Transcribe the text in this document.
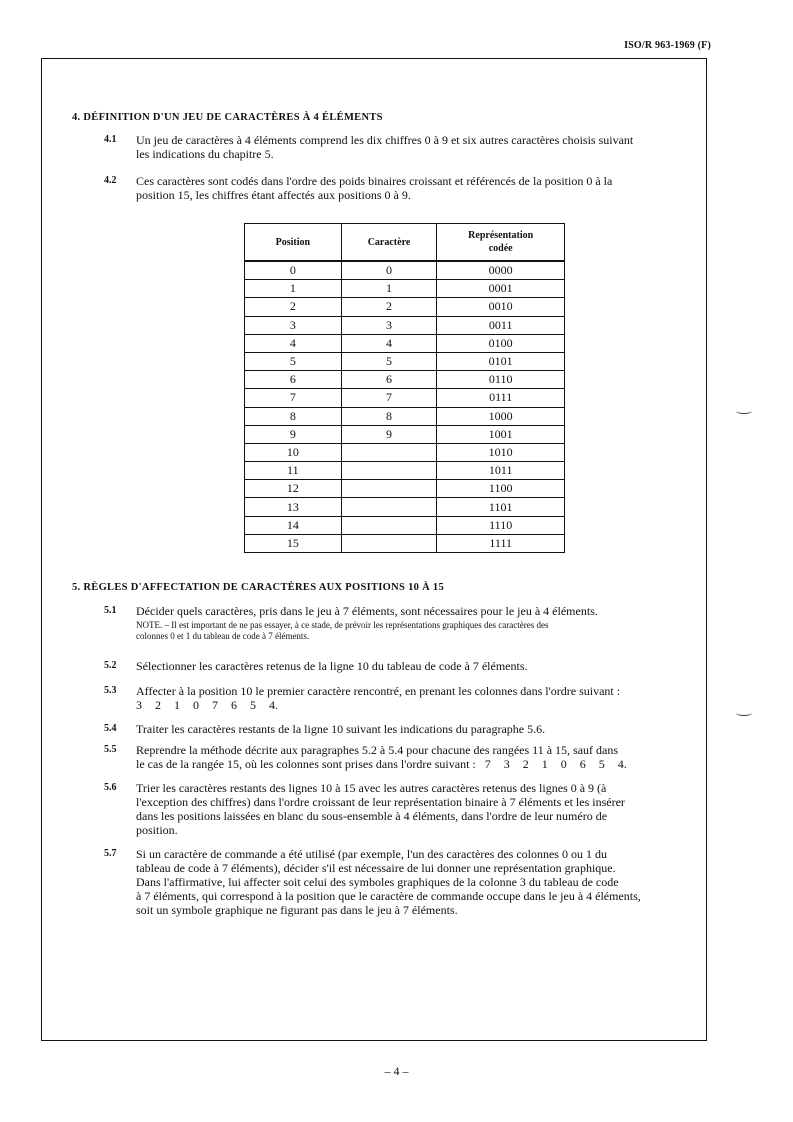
ISO/R 963-1969 (F)
4. DÉFINITION D'UN JEU DE CARACTÈRES À 4 ÉLÉMENTS
4.1 Un jeu de caractères à 4 éléments comprend les dix chiffres 0 à 9 et six autres caractères choisis suivant
les indications du chapitre 5.
4.2 Ces caractères sont codés dans l'ordre des poids binaires croissant et référencés de la position 0 à la
position 15, les chiffres étant affectés aux positions 0 à 9.
Position	Caractère	Représentation
codée
0	0	0000
1	1	0001
2	2	0010
3	3	0011
4	4	0100
5	5	0101
6	6	0110
7	7	0111
8	8	1000
9	9	1001
10		1010
11		1011
12		1100
13		1101
14		1110
15		1111
5. RÈGLES D'AFFECTATION DE CARACTÈRES AUX POSITIONS 10 À 15
5.1 Décider quels caractères, pris dans le jeu à 7 éléments, sont nécessaires pour le jeu à 4 éléments.
NOTE. – Il est important de ne pas essayer, à ce stade, de prévoir les représentations graphiques des caractères des
colonnes 0 et 1 du tableau de code à 7 éléments.
5.2 Sélectionner les caractères retenus de la ligne 10 du tableau de code à 7 éléments.
5.3 Affecter à la position 10 le premier caractère rencontré, en prenant les colonnes dans l'ordre suivant :
3 2 1 0 7 6 5 4.
5.4 Traiter les caractères restants de la ligne 10 suivant les indications du paragraphe 5.6.
5.5 Reprendre la méthode décrite aux paragraphes 5.2 à 5.4 pour chacune des rangées 11 à 15, sauf dans
le cas de la rangée 15, où les colonnes sont prises dans l'ordre suivant : 7 3 2 1 0 6 5 4.
5.6 Trier les caractères restants des lignes 10 à 15 avec les autres caractères retenus des lignes 0 à 9 (à
l'exception des chiffres) dans l'ordre croissant de leur représentation binaire à 7 éléments et les insérer
dans les positions laissées en blanc du sous-ensemble à 4 éléments, dans l'ordre de leur numéro de
position.
5.7 Si un caractère de commande a été utilisé (par exemple, l'un des caractères des colonnes 0 ou 1 du
tableau de code à 7 éléments), décider s'il est nécessaire de lui donner une représentation graphique.
Dans l'affirmative, lui affecter soit celui des symboles graphiques de la colonne 3 du tableau de code
à 7 éléments, qui correspond à la position que le caractère de commande occupe dans le jeu à 4 éléments,
soit un symbole graphique ne figurant pas dans le jeu à 7 éléments.
– 4 –
